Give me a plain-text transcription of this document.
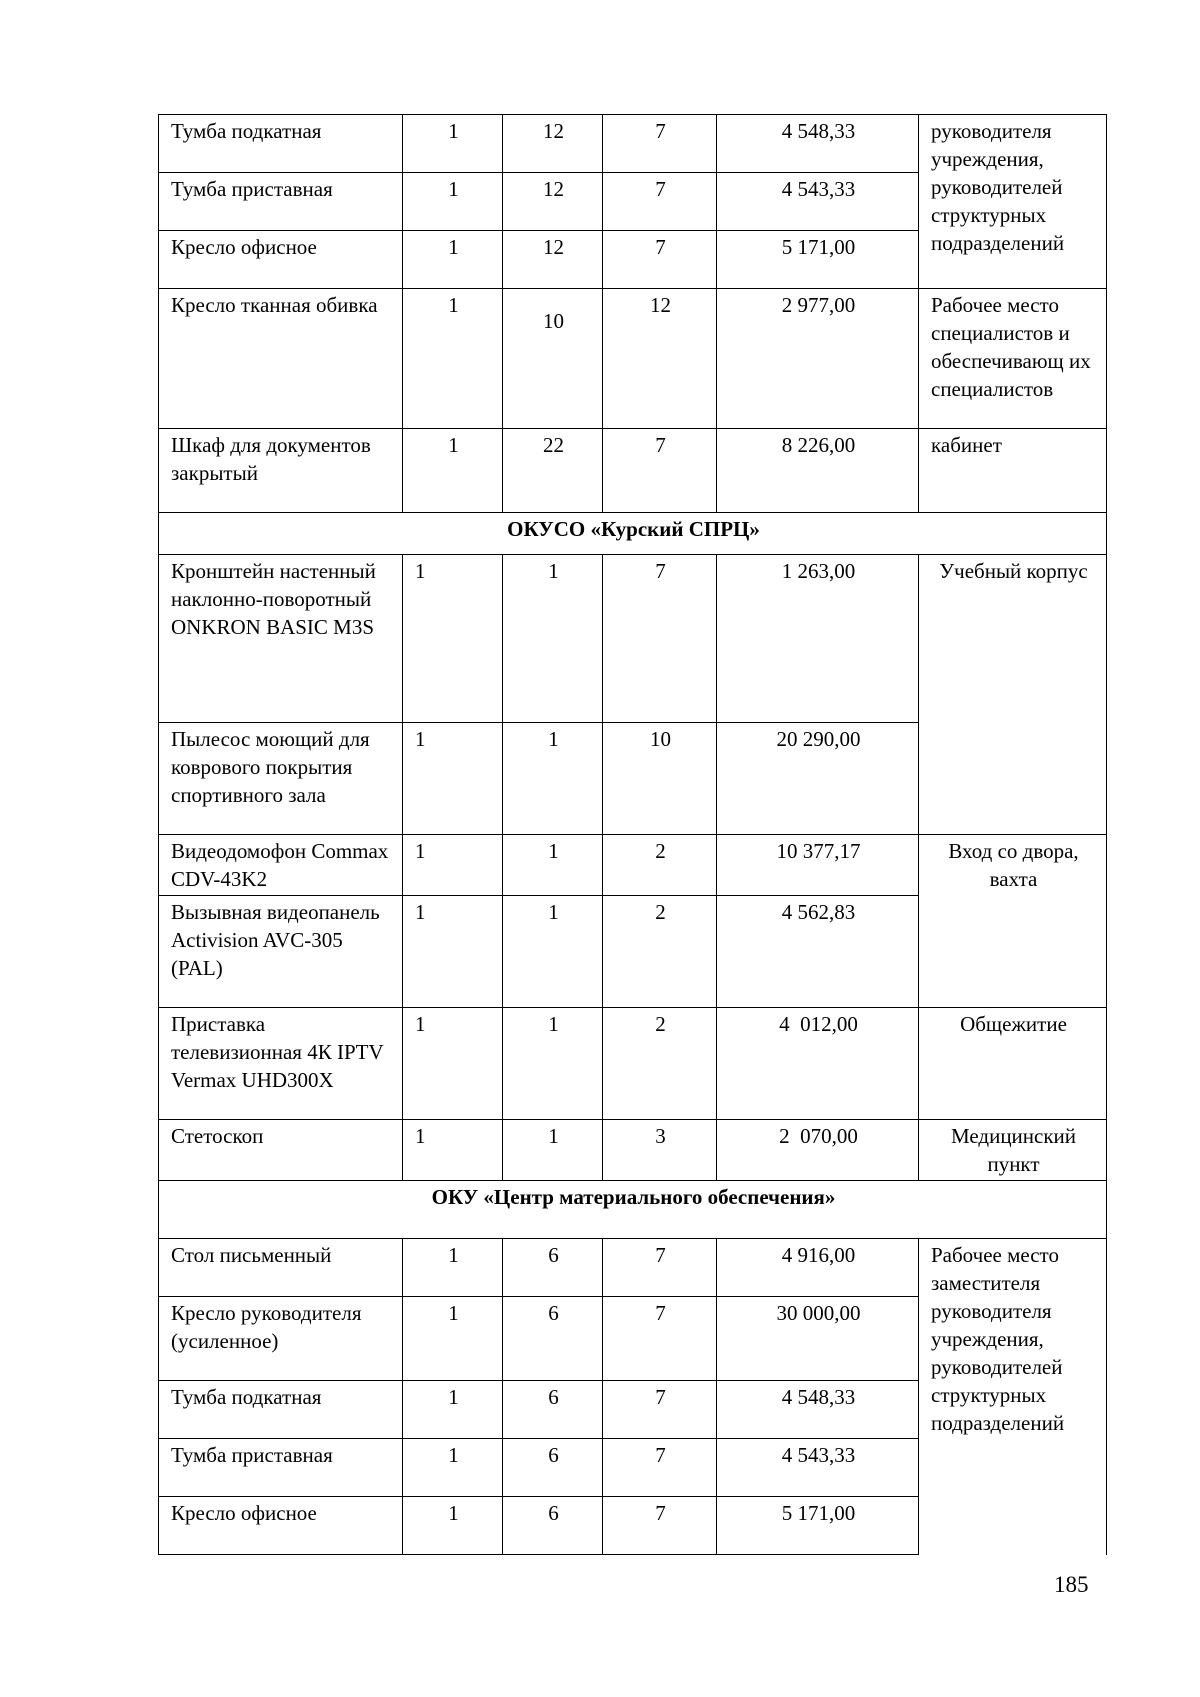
Тумба подкатная	1	12	7	4 548,33	руководителя учреждения, руководителей структурных подразделений
Тумба приставная	1	12	7	4 543,33	
Кресло офисное	1	12	7	5 171,00	
Кресло тканная обивка	1	10	12	2 977,00	Рабочее место специалистов и обеспечивающ их специалистов
Шкаф для документов закрытый	1	22	7	8 226,00	кабинет
ОКУСО «Курский СПРЦ»					
Кронштейн настенный наклонно-поворотный ONKRON BASIC M3S	1	1	7	1 263,00	Учебный корпус
Пылесос моющий для коврового покрытия спортивного зала	1	1	10	20 290,00	
Видеодомофон Commax CDV-43K2	1	1	2	10 377,17	Вход со двора, вахта
Вызывная видеопанель Activision AVC-305 (PAL)	1	1	2	4 562,83	
Приставка телевизионная 4К IPTV Vermax UHD300X	1	1	2	4  012,00	Общежитие
Стетоскоп	1	1	3	2  070,00	Медицинский пункт
ОКУ «Центр материального обеспечения»					
Стол письменный	1	6	7	4 916,00	Рабочее место заместителя руководителя учреждения, руководителей структурных подразделений
Кресло руководителя (усиленное)	1	6	7	30 000,00	
Тумба подкатная	1	6	7	4 548,33	
Тумба приставная	1	6	7	4 543,33	
Кресло офисное	1	6	7	5 171,00	
185
